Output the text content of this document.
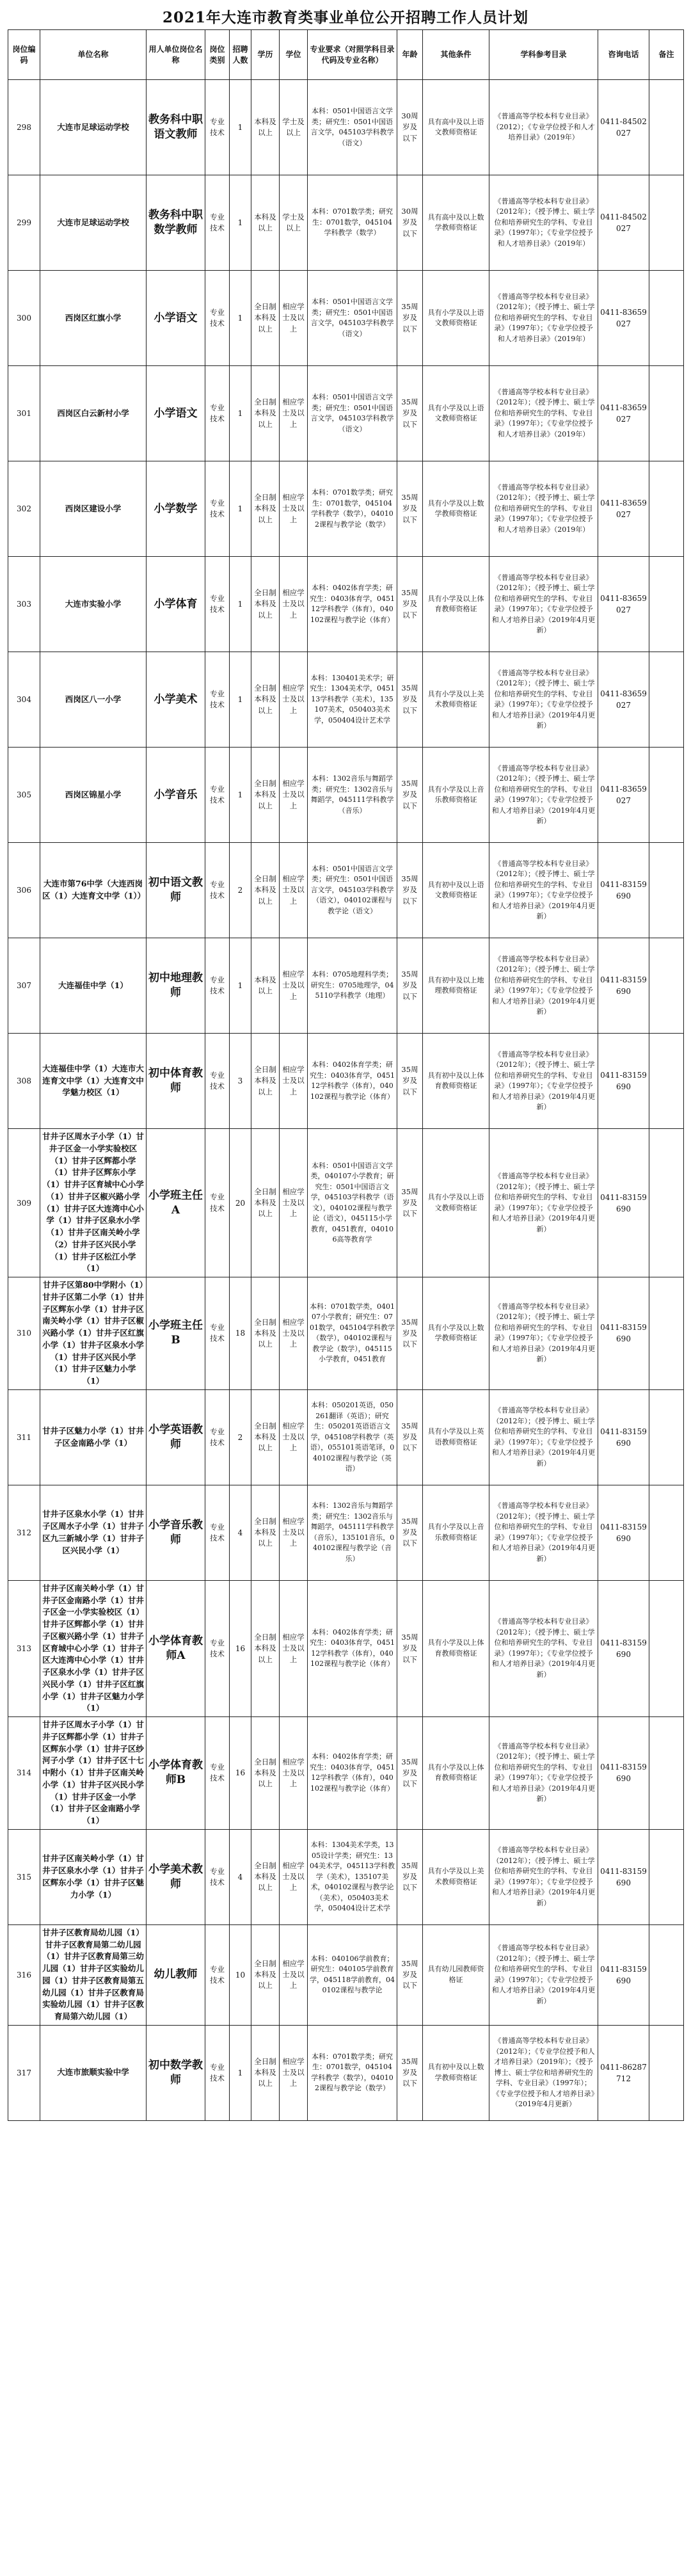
2021年大连市教育类事业单位公开招聘工作人员计划
岗位编码	单位名称	用人单位岗位名称	岗位类别	招聘人数	学历	学位	专业要求（对照学科目录代码及专业名称）	年龄	其他条件	学科参考目录	咨询电话	备注
298	大连市足球运动学校	教务科中职语文教师	专业技术	1	本科及以上	学士及以上	本科：0501中国语言文学类；研究生：0501中国语言文学，045103学科教学（语文）	30周岁及以下	具有高中及以上语文教师资格证	《普通高等学校本科专业目录》（2012）；《专业学位授予和人才培养目录》（2019年）	0411-84502027	
299	大连市足球运动学校	教务科中职数学教师	专业技术	1	本科及以上	学士及以上	本科：0701数学类；研究生：0701数学，045104学科教学（数学）	30周岁及以下	具有高中及以上数学教师资格证	《普通高等学校本科专业目录》（2012年）；《授予博士、硕士学位和培养研究生的学科、专业目录》（1997年）；《专业学位授予和人才培养目录》（2019年）	0411-84502027	
300	西岗区红旗小学	小学语文	专业技术	1	全日制本科及以上	相应学士及以上	本科：0501中国语言文学类；研究生：0501中国语言文学，045103学科教学（语文）	35周岁及以下	具有小学及以上语文教师资格证	《普通高等学校本科专业目录》（2012年）；《授予博士、硕士学位和培养研究生的学科、专业目录》（1997年）；《专业学位授予和人才培养目录》（2019年）	0411-83659027	
301	西岗区白云新村小学	小学语文	专业技术	1	全日制本科及以上	相应学士及以上	本科：0501中国语言文学类；研究生：0501中国语言文学，045103学科教学（语文）	35周岁及以下	具有小学及以上语文教师资格证	《普通高等学校本科专业目录》（2012年）；《授予博士、硕士学位和培养研究生的学科、专业目录》（1997年）；《专业学位授予和人才培养目录》（2019年）	0411-83659027	
302	西岗区建设小学	小学数学	专业技术	1	全日制本科及以上	相应学士及以上	本科：0701数学类；研究生：0701数学，045104学科教学（数学），040102课程与教学论（数学）	35周岁及以下	具有小学及以上数学教师资格证	《普通高等学校本科专业目录》（2012年）；《授予博士、硕士学位和培养研究生的学科、专业目录》（1997年）；《专业学位授予和人才培养目录》（2019年）	0411-83659027	
303	大连市实验小学	小学体育	专业技术	1	全日制本科及以上	相应学士及以上	本科：0402体育学类；研究生：0403体育学，045112学科教学（体育），040102课程与教学论（体育）	35周岁及以下	具有小学及以上体育教师资格证	《普通高等学校本科专业目录》（2012年）；《授予博士、硕士学位和培养研究生的学科、专业目录》（1997年）；《专业学位授予和人才培养目录》（2019年4月更新）	0411-83659027	
304	西岗区八一小学	小学美术	专业技术	1	全日制本科及以上	相应学士及以上	本科：130401美术学；研究生：1304美术学，045113学科教学（美术），135107美术，050403美术学，050404设计艺术学	35周岁及以下	具有小学及以上美术教师资格证	《普通高等学校本科专业目录》（2012年）；《授予博士、硕士学位和培养研究生的学科、专业目录》（1997年）；《专业学位授予和人才培养目录》（2019年4月更新）	0411-83659027	
305	西岗区锦星小学	小学音乐	专业技术	1	全日制本科及以上	相应学士及以上	本科：1302音乐与舞蹈学类；研究生：1302音乐与舞蹈学，045111学科教学（音乐）	35周岁及以下	具有小学及以上音乐教师资格证	《普通高等学校本科专业目录》（2012年）；《授予博士、硕士学位和培养研究生的学科、专业目录》（1997年）；《专业学位授予和人才培养目录》（2019年4月更新）	0411-83659027	
306	大连市第76中学（大连西岗区（1）大连育文中学（1））	初中语文教师	专业技术	2	全日制本科及以上	相应学士及以上	本科：0501中国语言文学类；研究生：0501中国语言文学，045103学科教学（语文），040102课程与教学论（语文）	35周岁及以下	具有初中及以上语文教师资格证	《普通高等学校本科专业目录》（2012年）；《授予博士、硕士学位和培养研究生的学科、专业目录》（1997年）；《专业学位授予和人才培养目录》（2019年4月更新）	0411-83159690	
307	大连福佳中学（1）	初中地理教师	专业技术	1	本科及以上	相应学士及以上	本科：0705地理科学类；研究生：0705地理学，045110学科教学（地理）	35周岁及以下	具有初中及以上地理教师资格证	《普通高等学校本科专业目录》（2012年）；《授予博士、硕士学位和培养研究生的学科、专业目录》（1997年）；《专业学位授予和人才培养目录》（2019年4月更新）	0411-83159690	
308	大连福佳中学（1）大连市大连育文中学（1）大连育文中学魅力校区（1）	初中体育教师	专业技术	3	全日制本科及以上	相应学士及以上	本科：0402体育学类；研究生：0403体育学，045112学科教学（体育），040102课程与教学论（体育）	35周岁及以下	具有初中及以上体育教师资格证	《普通高等学校本科专业目录》（2012年）；《授予博士、硕士学位和培养研究生的学科、专业目录》（1997年）；《专业学位授予和人才培养目录》（2019年4月更新）	0411-83159690	
309	甘井子区周水子小学（1）甘井子区金一小学实验校区（1）甘井子区辉都小学（1）甘井子区辉东小学（1）甘井子区育城中心小学（1）甘井子区椒兴路小学（1）甘井子区大连湾中心小学（1）甘井子区泉水小学（1）甘井子区南关岭小学（2）甘井子区兴民小学（1）甘井子区松江小学（1）	小学班主任A	专业技术	20	全日制本科及以上	相应学士及以上	本科：0501中国语言文学类，040107小学教育；研究生：0501中国语言文学，045103学科教学（语文），040102课程与教学论（语文），045115小学教育，0451教育，040106高等教育学	35周岁及以下	具有小学及以上语文教师资格证	《普通高等学校本科专业目录》（2012年）；《授予博士、硕士学位和培养研究生的学科、专业目录》（1997年）；《专业学位授予和人才培养目录》（2019年4月更新）	0411-83159690	
310	甘井子区第80中学附小（1）甘井子区第二小学（1）甘井子区辉东小学（1）甘井子区南关岭小学（1）甘井子区椒兴路小学（1）甘井子区红旗小学（1）甘井子区泉水小学（1）甘井子区兴民小学（1）甘井子区魅力小学（1）	小学班主任B	专业技术	18	全日制本科及以上	相应学士及以上	本科：0701数学类，040107小学教育；研究生：0701数学，045104学科教学（数学），040102课程与教学论（数学），045115小学教育，0451教育	35周岁及以下	具有小学及以上数学教师资格证	《普通高等学校本科专业目录》（2012年）；《授予博士、硕士学位和培养研究生的学科、专业目录》（1997年）；《专业学位授予和人才培养目录》（2019年4月更新）	0411-83159690	
311	甘井子区魅力小学（1）甘井子区金南路小学（1）	小学英语教师	专业技术	2	全日制本科及以上	相应学士及以上	本科：050201英语，050261翻译（英语）；研究生：050201英语语言文学，045108学科教学（英语），055101英语笔译，040102课程与教学论（英语）	35周岁及以下	具有小学及以上英语教师资格证	《普通高等学校本科专业目录》（2012年）；《授予博士、硕士学位和培养研究生的学科、专业目录》（1997年）；《专业学位授予和人才培养目录》（2019年4月更新）	0411-83159690	
312	甘井子区泉水小学（1）甘井子区周水子小学（1）甘井子区九三新城小学（1）甘井子区兴民小学（1）	小学音乐教师	专业技术	4	全日制本科及以上	相应学士及以上	本科：1302音乐与舞蹈学类；研究生：1302音乐与舞蹈学，045111学科教学（音乐），135101音乐，040102课程与教学论（音乐）	35周岁及以下	具有小学及以上音乐教师资格证	《普通高等学校本科专业目录》（2012年）；《授予博士、硕士学位和培养研究生的学科、专业目录》（1997年）；《专业学位授予和人才培养目录》（2019年4月更新）	0411-83159690	
313	甘井子区南关岭小学（1）甘井子区金南路小学（1）甘井子区金一小学实验校区（1）甘井子区辉都小学（1）甘井子区椒兴路小学（1）甘井子区育城中心小学（1）甘井子区大连湾中心小学（1）甘井子区泉水小学（1）甘井子区兴民小学（1）甘井子区红旗小学（1）甘井子区魅力小学（1）	小学体育教师A	专业技术	16	全日制本科及以上	相应学士及以上	本科：0402体育学类；研究生：0403体育学，045112学科教学（体育），040102课程与教学论（体育）	35周岁及以下	具有小学及以上体育教师资格证	《普通高等学校本科专业目录》（2012年）；《授予博士、硕士学位和培养研究生的学科、专业目录》（1997年）；《专业学位授予和人才培养目录》（2019年4月更新）	0411-83159690	
314	甘井子区周水子小学（1）甘井子区辉都小学（1）甘井子区辉东小学（1）甘井子区纱河子小学（1）甘井子区十七中附小（1）甘井子区南关岭小学（1）甘井子区兴民小学（1）甘井子区金一小学（1）甘井子区金南路小学（1）	小学体育教师B	专业技术	16	全日制本科及以上	相应学士及以上	本科：0402体育学类；研究生：0403体育学，045112学科教学（体育），040102课程与教学论（体育）	35周岁及以下	具有小学及以上体育教师资格证	《普通高等学校本科专业目录》（2012年）；《授予博士、硕士学位和培养研究生的学科、专业目录》（1997年）；《专业学位授予和人才培养目录》（2019年4月更新）	0411-83159690	
315	甘井子区南关岭小学（1）甘井子区泉水小学（1）甘井子区辉东小学（1）甘井子区魅力小学（1）	小学美术教师	专业技术	4	全日制本科及以上	相应学士及以上	本科：1304美术学类，1305设计学类；研究生：1304美术学，045113学科教学（美术），135107美术，040102课程与教学论（美术），050403美术学，050404设计艺术学	35周岁及以下	具有小学及以上美术教师资格证	《普通高等学校本科专业目录》（2012年）；《授予博士、硕士学位和培养研究生的学科、专业目录》（1997年）；《专业学位授予和人才培养目录》（2019年4月更新）	0411-83159690	
316	甘井子区教育局幼儿园（1）甘井子区教育局第二幼儿园（1）甘井子区教育局第三幼儿园（1）甘井子区实验幼儿园（1）甘井子区教育局第五幼儿园（1）甘井子区教育局实验幼儿园（1）甘井子区教育局第六幼儿园（1）	幼儿教师	专业技术	10	全日制本科及以上	相应学士及以上	本科：040106学前教育；研究生：040105学前教育学，045118学前教育，040102课程与教学论	35周岁及以下	具有幼儿园教师资格证	《普通高等学校本科专业目录》（2012年）；《授予博士、硕士学位和培养研究生的学科、专业目录》（1997年）；《专业学位授予和人才培养目录》（2019年4月更新）	0411-83159690	
317	大连市旅顺实验中学	初中数学教师	专业技术	1	全日制本科及以上	相应学士及以上	本科：0701数学类；研究生：0701数学，045104学科教学（数学），040102课程与教学论（数学）	35周岁及以下	具有初中及以上数学教师资格证	《普通高等学校本科专业目录》（2012年）；《专业学位授予和人才培养目录》（2019年）；《授予博士、硕士学位和培养研究生的学科、专业目录》（1997年）；《专业学位授予和人才培养目录》（2019年4月更新）	0411-86287712	
